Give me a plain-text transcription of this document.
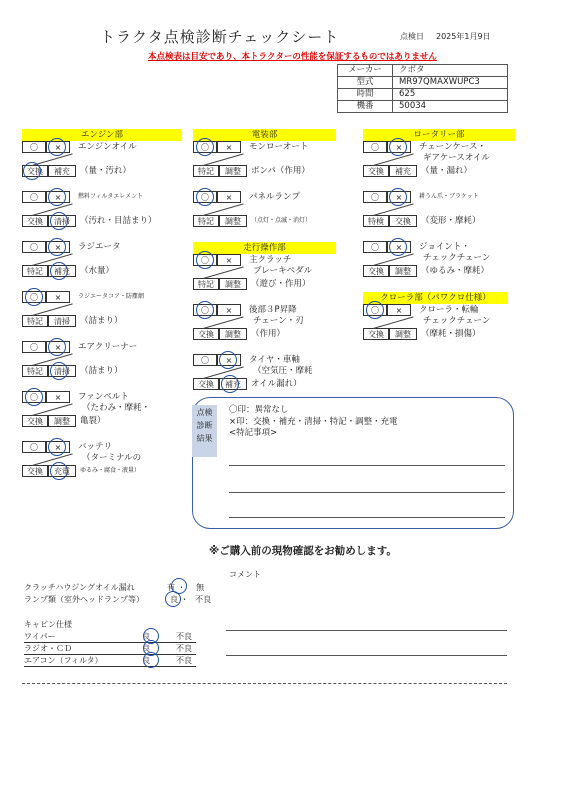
トラクタ点検診断チェックシート	点検日 2025年1月9日
本点検表は目安であり、本トラクターの性能を保証するものではありません
メーカー	クボタ
型式	MR97QMAXWUPC3
時間	625
機番	50034
エンジン部	電装部	ロータリー部
走行操作部
クローラ部（パワクロ仕様）
〇	×	エンジンオイル
交換	補充	（量・汚れ）
〇	×	燃料フィルタエレメント
交換	清掃	（汚れ・目詰まり）
〇	×	ラジエータ
特記	補充	（水量）
〇	×	ラジエータコア・防塵網
特記	清掃	（詰まり）
〇	×	エアクリーナー
特記	清掃	（詰まり）
〇	×	ファンベルト
（たわみ・摩耗・
交換	調整	亀裂）
〇	×	バッテリ
（ターミナルの
交換	充電	ゆるみ・腐食・液量）
〇	×	モンローオート
特記	調整	ポンパ（作用）
〇	×	パネルランプ
特記	調整	（点灯・点滅・消灯）
〇	×	主クラッチ
ブレーキペダル
特記	調整	（遊び・作用）
〇	×	後部３P昇降
チェーン・刃
交換	調整	（作用）
〇	×	タイヤ・車軸
（空気圧・摩耗
交換	補充	オイル漏れ）
〇	×	チェーンケース・
ギアケースオイル
交換	補充	（量・漏れ）
〇	×	耕うん爪・ブラケット
特検	交換	（変形・摩耗）
〇	×	ジョイント・
チェックチェーン
交換	調整	（ゆるみ・摩耗）
〇	×	クローラ・転輪
チェックチェーン
交換	調整	（摩耗・損傷）
点検
診断
結果
〇印：異常なし
×印：交換・補充・清掃・特記・調整・充電
<特記事項>
※ご購入前の現物確認をお勧めします。
コメント
クラッチハウジングオイル漏れ	有 ・ 無
ランプ類（室外ヘッドランプ等）	良 ・ 不良
キャビン仕様
ワイパー	良	不良
ラジオ・ＣＤ	良	不良
エアコン（フィルタ）	良	不良
